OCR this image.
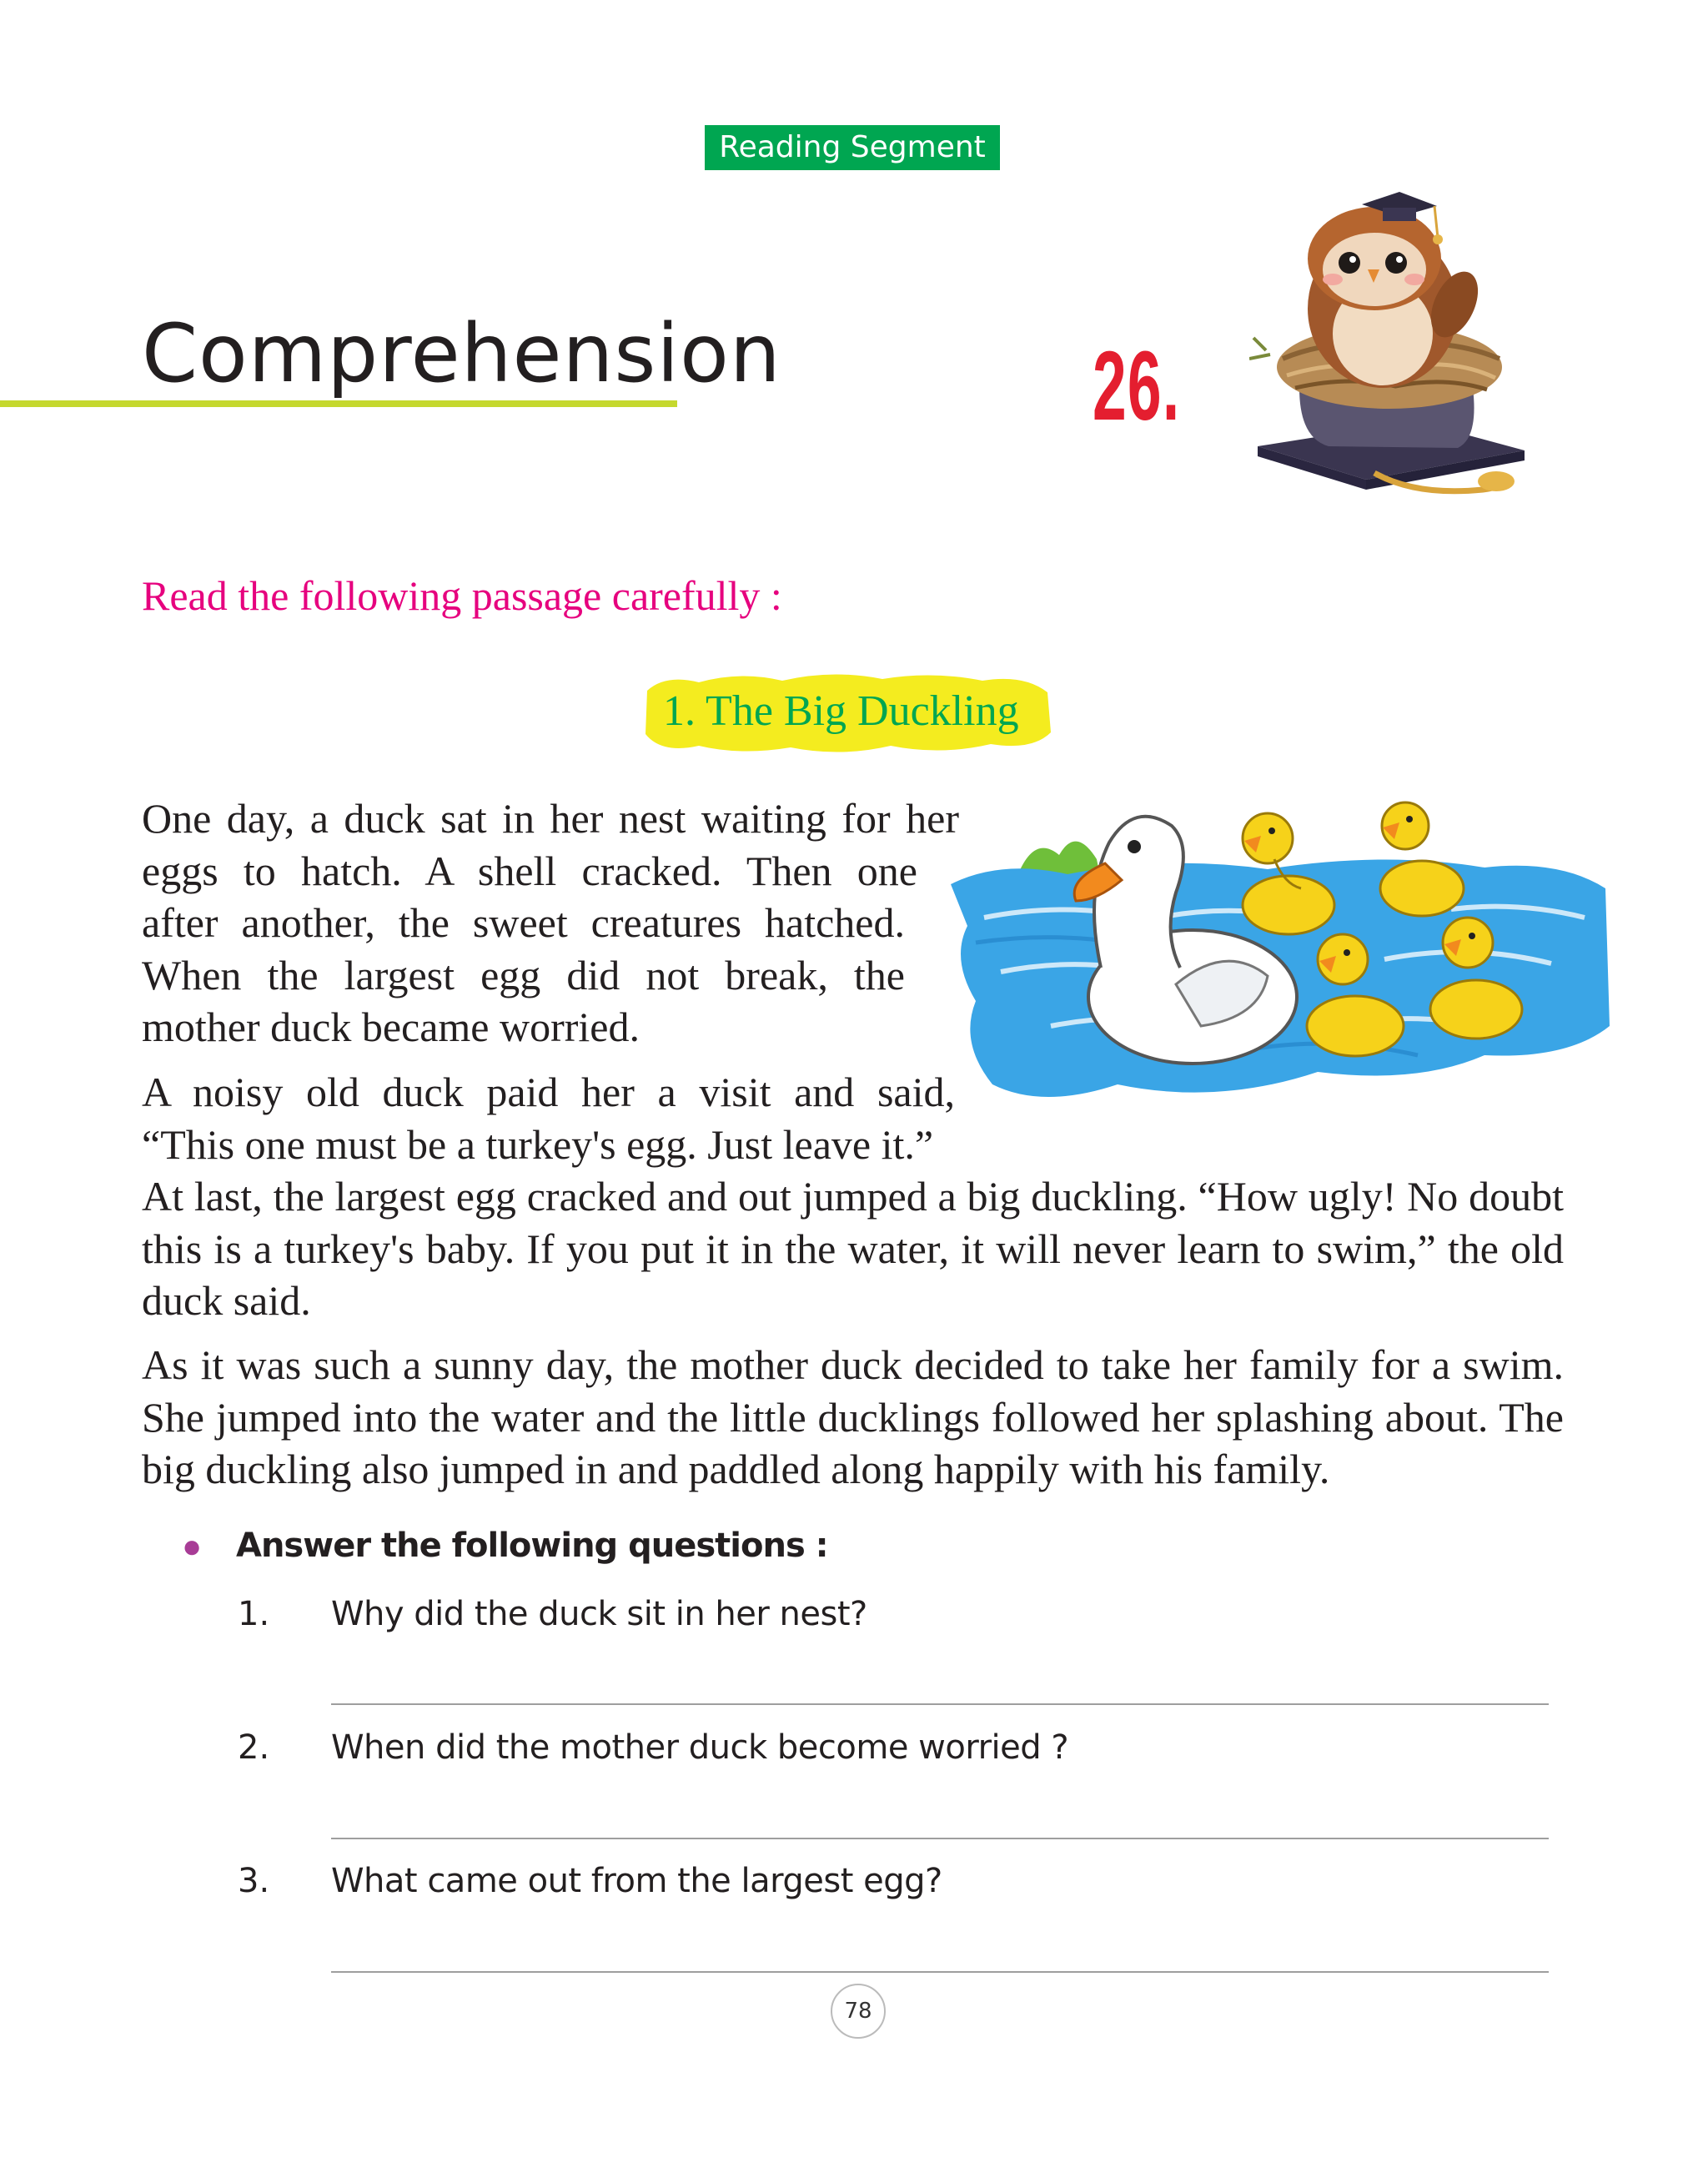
Reading Segment
Comprehension	26.
Read the following passage carefully :
1. The Big Duckling
One day, a duck sat in her nest waiting for her
eggs to hatch. A shell cracked. Then one
after another, the sweet creatures hatched.
When the largest egg did not break, the
mother duck became worried.
A noisy old duck paid her a visit and said,
“This one must be a turkey's egg. Just leave it.”

At last, the largest egg cracked and out jumped a big duckling. “How ugly! No doubt this is a turkey's baby. If you put it in the water, it will never learn to swim,” the old duck said.

As it was such a sunny day, the mother duck decided to take her family for a swim. She jumped into the water and the little ducklings followed her splashing about. The big duckling also jumped in and paddled along happily with his family.

● Answer the following questions :
1. Why did the duck sit in her nest?
2. When did the mother duck become worried ?
3. What came out from the largest egg?
78
